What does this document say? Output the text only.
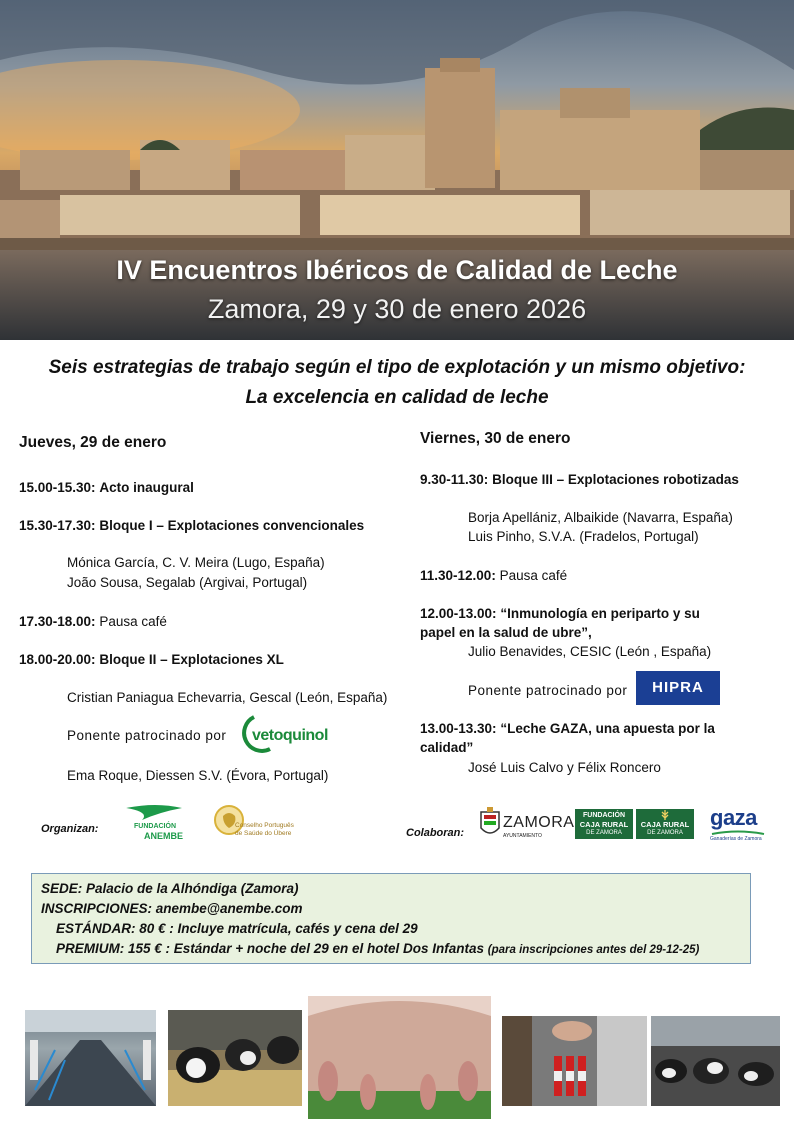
IV Encuentros Ibéricos de Calidad de Leche
Zamora, 29 y 30 de enero 2026
Seis estrategias de trabajo según el tipo de explotación y un mismo objetivo:
La excelencia en calidad de leche
Jueves, 29 de enero
15.00-15.30: Acto inaugural
15.30-17.30: Bloque I – Explotaciones convencionales
Mónica García, C. V. Meira (Lugo, España)
João Sousa, Segalab (Argivai, Portugal)
17.30-18.00: Pausa café
18.00-20.00: Bloque II – Explotaciones XL
Cristian Paniagua Echevarria, Gescal (León, España)
Ponente patrocinado por
Ema Roque, Diessen S.V. (Évora, Portugal)
vetoquinol
Viernes, 30 de enero
9.30-11.30: Bloque III – Explotaciones robotizadas
Borja Apellániz, Albaikide (Navarra, España)
Luis Pinho, S.V.A. (Fradelos, Portugal)
11.30-12.00: Pausa café
12.00-13.00: “Inmunología en periparto y su
papel en la salud de ubre”,
Julio Benavides, CESIC (León , España)
Ponente patrocinado por
13.00-13.30: “Leche GAZA, una apuesta por la
calidad”
José Luis Calvo y Félix Roncero
HIPRA
Organizan:	FUNDACIÓN
ANEMBE
Conselho Português
de Saúde do Úbere	Colaboran:
ZAMORA
AYUNTAMIENTO
FUNDACIÓN
CAJA RURAL
DE ZAMORA
CAJA RURAL
DE ZAMORA
gaza
Ganaderías de Zamora
SEDE: Palacio de la Alhóndiga (Zamora)
INSCRIPCIONES: anembe@anembe.com
ESTÁNDAR: 80 € : Incluye matrícula, cafés y cena del 29
PREMIUM: 155 € : Estándar + noche del 29 en el hotel Dos Infantas (para inscripciones antes del 29-12-25)
